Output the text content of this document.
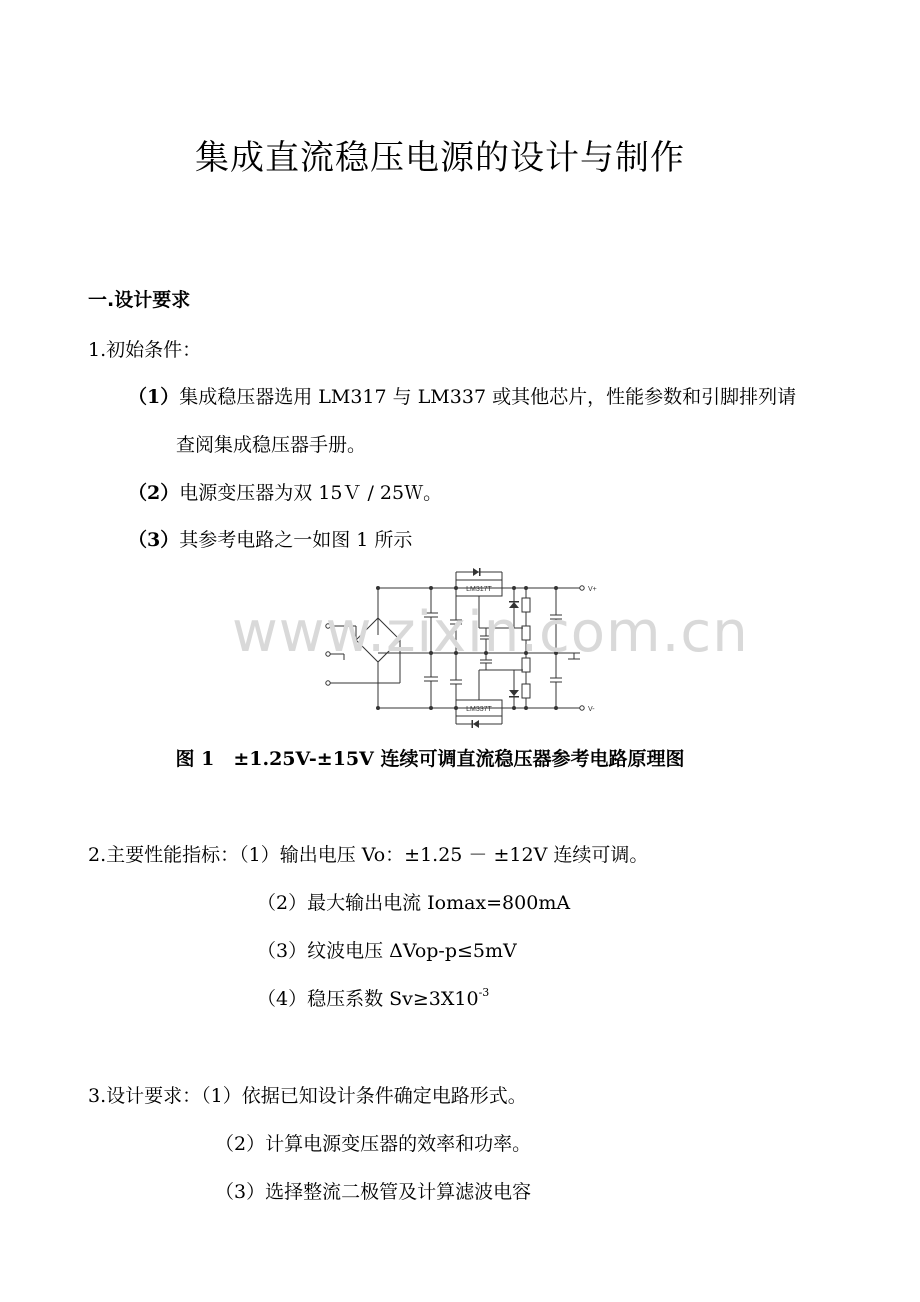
集成直流稳压电源的设计与制作
一.设计要求
1.初始条件：
（1）集成稳压器选用 LM317 与 LM337 或其他芯片，性能参数和引脚排列请
查阅集成稳压器手册。
（2）电源变压器为双 15Ｖ / 25Ｗ。
（3）其参考电路之一如图 1 所示
LM317T
LM337T
V+
V-
www.zixin.com.cn
图 1　±1.25V-±15V 连续可调直流稳压器参考电路原理图
2.主要性能指标：（1）输出电压 Vo：±1.25 － ±12V 连续可调。
（2）最大输出电流 Iomax=800mA
（3）纹波电压 ΔVop-p≤5mV
（4）稳压系数 $Sv\ge 3X10^{-3}$
3.设计要求：（1）依据已知设计条件确定电路形式。
（2）计算电源变压器的效率和功率。
（3）选择整流二极管及计算滤波电容
